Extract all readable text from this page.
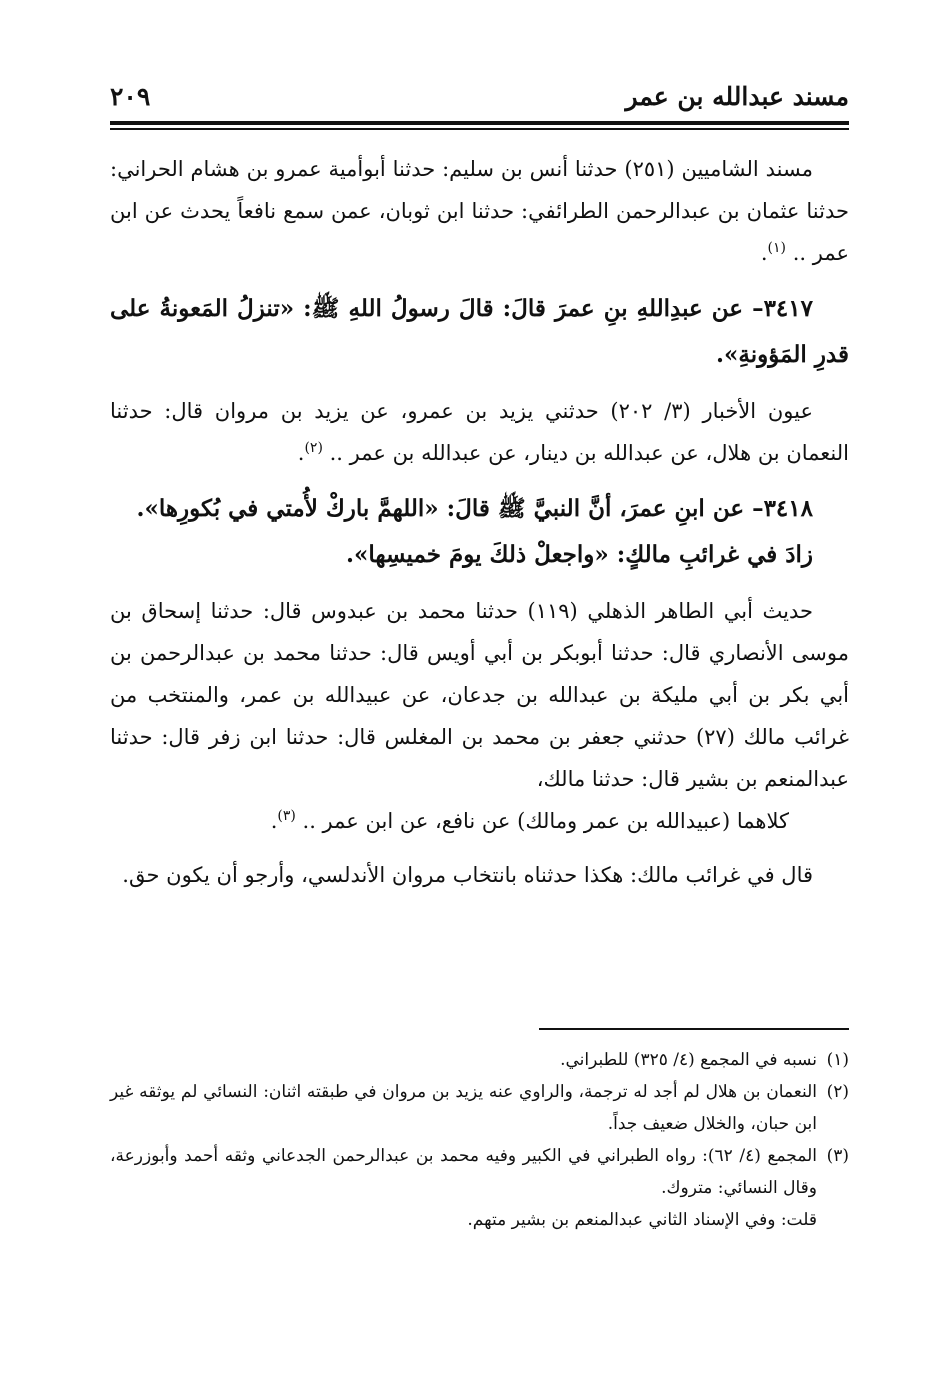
مسند عبدالله بن عمر
٢٠٩

مسند الشاميين (٢٥١) حدثنا أنس بن سليم: حدثنا أبوأمية عمرو بن هشام الحراني: حدثنا عثمان بن عبدالرحمن الطرائفي: حدثنا ابن ثوبان، عمن سمع نافعاً يحدث عن ابن عمر .. $^{(١)}$.

٣٤١٧– عن عبدِاللهِ بنِ عمرَ قالَ: قالَ رسولُ اللهِ ﷺ: «تنزلُ المَعونةُ على قدرِ المَؤونةِ».

عيون الأخبار (٣/ ٢٠٢) حدثني يزيد بن عمرو، عن يزيد بن مروان قال: حدثنا النعمان بن هلال، عن عبدالله بن دينار، عن عبدالله بن عمر .. $^{(٢)}$.

٣٤١٨– عن ابنِ عمرَ، أنَّ النبيَّ ﷺ قالَ: «اللهمَّ باركْ لأُمتي في بُكورِها».

زادَ في غرائبِ مالكٍ: «واجعلْ ذلكَ يومَ خميسِها».

حديث أبي الطاهر الذهلي (١١٩) حدثنا محمد بن عبدوس قال: حدثنا إسحاق بن موسى الأنصاري قال: حدثنا أبوبكر بن أبي أويس قال: حدثنا محمد بن عبدالرحمن بن أبي بكر بن أبي مليكة بن عبدالله بن جدعان، عن عبيدالله بن عمر، والمنتخب من غرائب مالك (٢٧) حدثني جعفر بن محمد بن المغلس قال: حدثنا ابن زفر قال: حدثنا عبدالمنعم بن بشير قال: حدثنا مالك،

كلاهما (عبيدالله بن عمر ومالك) عن نافع، عن ابن عمر .. $^{(٣)}$.

قال في غرائب مالك: هكذا حدثناه بانتخاب مروان الأندلسي، وأرجو أن يكون حق.

(١)
نسبه في المجمع (٤/ ٣٢٥) للطبراني.

(٢)
النعمان بن هلال لم أجد له ترجمة، والراوي عنه يزيد بن مروان في طبقته اثنان: النسائي لم يوثقه غير ابن حبان، والخلال ضعيف جداً.

(٣)
المجمع (٤/ ٦٢): رواه الطبراني في الكبير وفيه محمد بن عبدالرحمن الجدعاني وثقه أحمد وأبوزرعة، وقال النسائي: متروك.

قلت: وفي الإسناد الثاني عبدالمنعم بن بشير متهم.
